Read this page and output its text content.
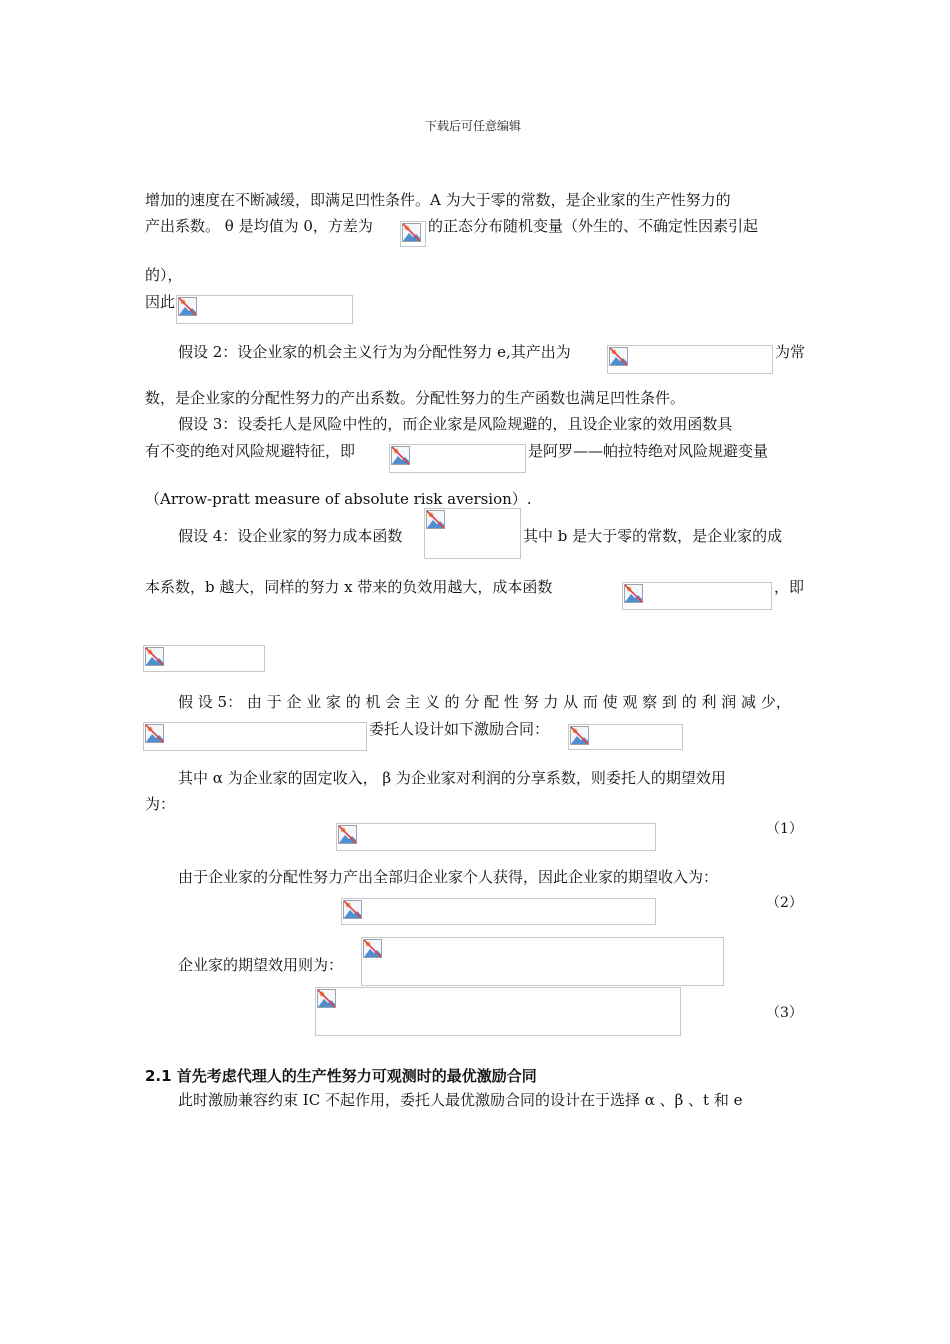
下载后可任意编辑
增加的速度在不断减缓，即满足凹性条件。A 为大于零的常数，是企业家的生产性努力的
产出系数。 θ 是均值为 0，方差为	的正态分布随机变量（外生的、不确定性因素引起
的），
因此
假设 2：设企业家的机会主义行为为分配性努力 e,其产出为	为常
数，是企业家的分配性努力的产出系数。分配性努力的生产函数也满足凹性条件。
假设 3：设委托人是风险中性的，而企业家是风险规避的，且设企业家的效用函数具
有不变的绝对风险规避特征，即	是阿罗——帕拉特绝对风险规避变量
（Arrow-pratt measure of absolute risk aversion）.
假设 4：设企业家的努力成本函数	其中 b 是大于零的常数，是企业家的成
本系数，b 越大，同样的努力 x 带来的负效用越大，成本函数	，即
假 设 5： 由 于 企 业 家 的 机 会 主 义 的 分 配 性 努 力 从 而 使 观 察 到 的 利 润 减 少，
委托人设计如下激励合同：
其中 α 为企业家的固定收入， β 为企业家对利润的分享系数，则委托人的期望效用
为：
（1）
由于企业家的分配性努力产出全部归企业家个人获得，因此企业家的期望收入为：
（2）
企业家的期望效用则为：
（3）
2.1 首先考虑代理人的生产性努力可观测时的最优激励合同
此时激励兼容约束 IC 不起作用，委托人最优激励合同的设计在于选择 α 、β 、t 和 e
